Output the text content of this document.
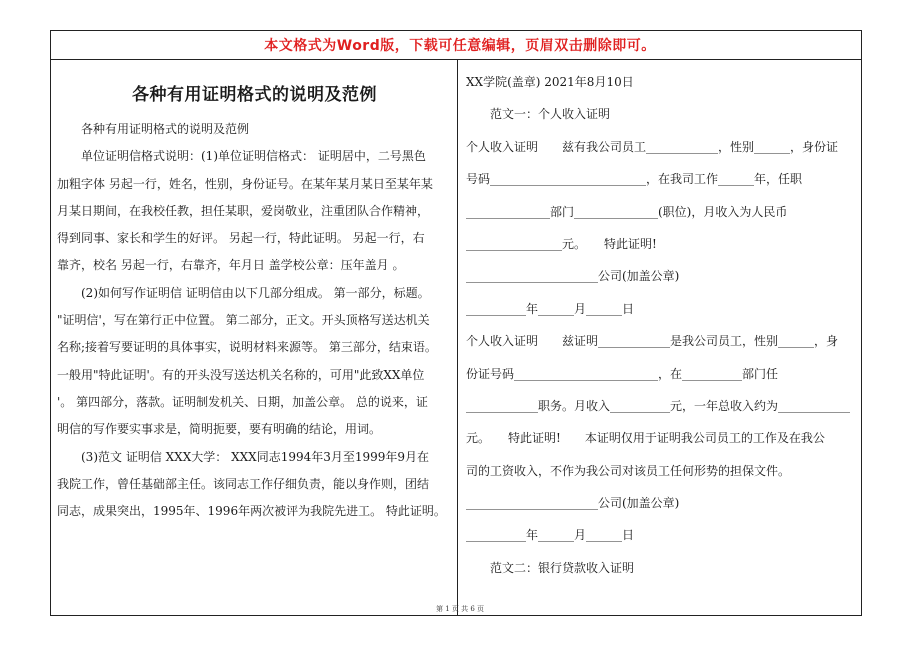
本文格式为Word版，下载可任意编辑，页眉双击删除即可。

各种有用证明格式的说明及范例

　　各种有用证明格式的说明及范例

　　单位证明信格式说明：(1)单位证明信格式： 证明居中，二号黑色

加粗字体 另起一行，姓名，性别，身份证号。在某年某月某日至某年某

月某日期间，在我校任教，担任某职，爱岗敬业，注重团队合作精神，

得到同事、家长和学生的好评。 另起一行，特此证明。 另起一行，右

靠齐，校名 另起一行，右靠齐，年月日 盖学校公章：压年盖月 。

　　(2)如何写作证明信 证明信由以下几部分组成。 第一部分，标题。

"证明信'，写在第行正中位置。 第二部分，正文。开头顶格写送达机关

名称;接着写要证明的具体事实，说明材料来源等。 第三部分，结束语。

一般用"特此证明'。有的开头没写送达机关名称的，可用"此致XX单位

'。 第四部分，落款。证明制发机关、日期，加盖公章。 总的说来，证

明信的写作要实事求是，简明扼要，要有明确的结论，用词。

　　(3)范文 证明信 XXX大学： XXX同志1994年3月至1999年9月在

我院工作，曾任基础部主任。该同志工作仔细负责，能以身作则，团结

同志，成果突出，1995年、1996年两次被评为我院先进工。 特此证明。

XX学院(盖章) 2021年8月10日

　　范文一：个人收入证明

个人收入证明　　兹有我公司员工____________，性别______，身份证

号码__________________________，在我司工作______年，任职

______________部门______________(职位)，月收入为人民币

________________元。　　特此证明!

______________________公司(加盖公章)

__________年______月______日

个人收入证明　　兹证明____________是我公司员工，性别______，身

份证号码________________________，在__________部门任

____________职务。月收入__________元，一年总收入约为____________

元。　　特此证明!　　本证明仅用于证明我公司员工的工作及在我公

司的工资收入，不作为我公司对该员工任何形势的担保文件。

______________________公司(加盖公章)

__________年______月______日

　　范文二：银行贷款收入证明

第 1 页 共 6 页
